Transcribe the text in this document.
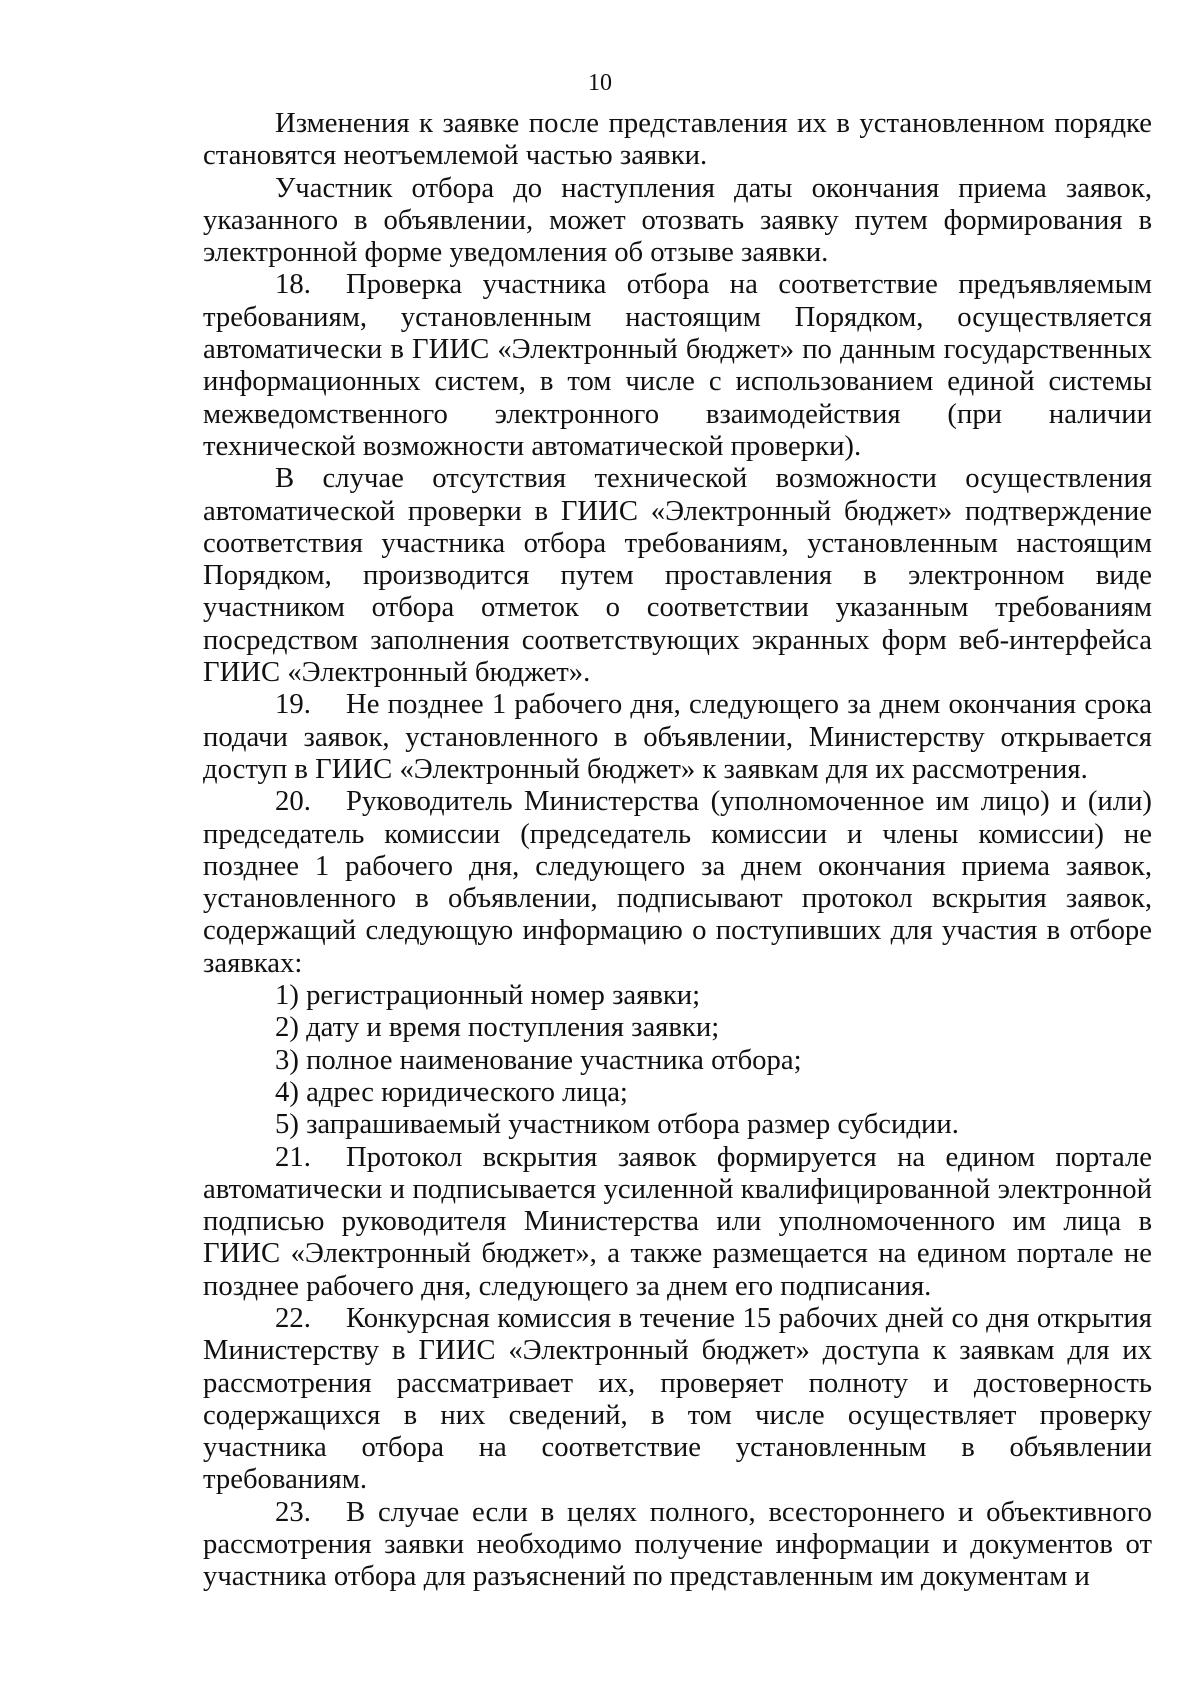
10

Изменения к заявке после представления их в установленном порядке становятся неотъемлемой частью заявки.

Участник отбора до наступления даты окончания приема заявок, указанного в объявлении, может отозвать заявку путем формирования в электронной форме уведомления об отзыве заявки.

18. Проверка участника отбора на соответствие предъявляемым требованиям, установленным настоящим Порядком, осуществляется автоматически в ГИИС «Электронный бюджет» по данным государственных информационных систем, в том числе с использованием единой системы межведомственного электронного взаимодействия (при наличии технической возможности автоматической проверки).

В случае отсутствия технической возможности осуществления автоматической проверки в ГИИС «Электронный бюджет» подтверждение соответствия участника отбора требованиям, установленным настоящим Порядком, производится путем проставления в электронном виде участником отбора отметок о соответствии указанным требованиям посредством заполнения соответствующих экранных форм веб-интерфейса ГИИС «Электронный бюджет».

19. Не позднее 1 рабочего дня, следующего за днем окончания срока подачи заявок, установленного в объявлении, Министерству открывается доступ в ГИИС «Электронный бюджет» к заявкам для их рассмотрения.

20. Руководитель Министерства (уполномоченное им лицо) и (или) председатель комиссии (председатель комиссии и члены комиссии) не позднее 1 рабочего дня, следующего за днем окончания приема заявок, установленного в объявлении, подписывают протокол вскрытия заявок, содержащий следующую информацию о поступивших для участия в отборе заявках:

1) регистрационный номер заявки;

2) дату и время поступления заявки;

3) полное наименование участника отбора;

4) адрес юридического лица;

5) запрашиваемый участником отбора размер субсидии.

21. Протокол вскрытия заявок формируется на едином портале автоматически и подписывается усиленной квалифицированной электронной подписью руководителя Министерства или уполномоченного им лица в ГИИС «Электронный бюджет», а также размещается на едином портале не позднее рабочего дня, следующего за днем его подписания.

22. Конкурсная комиссия в течение 15 рабочих дней со дня открытия Министерству в ГИИС «Электронный бюджет» доступа к заявкам для их рассмотрения рассматривает их, проверяет полноту и достоверность содержащихся в них сведений, в том числе осуществляет проверку участника отбора на соответствие установленным в объявлении требованиям.

23. В случае если в целях полного, всестороннего и объективного рассмотрения заявки необходимо получение информации и документов от участника отбора для разъяснений по представленным им документам и
